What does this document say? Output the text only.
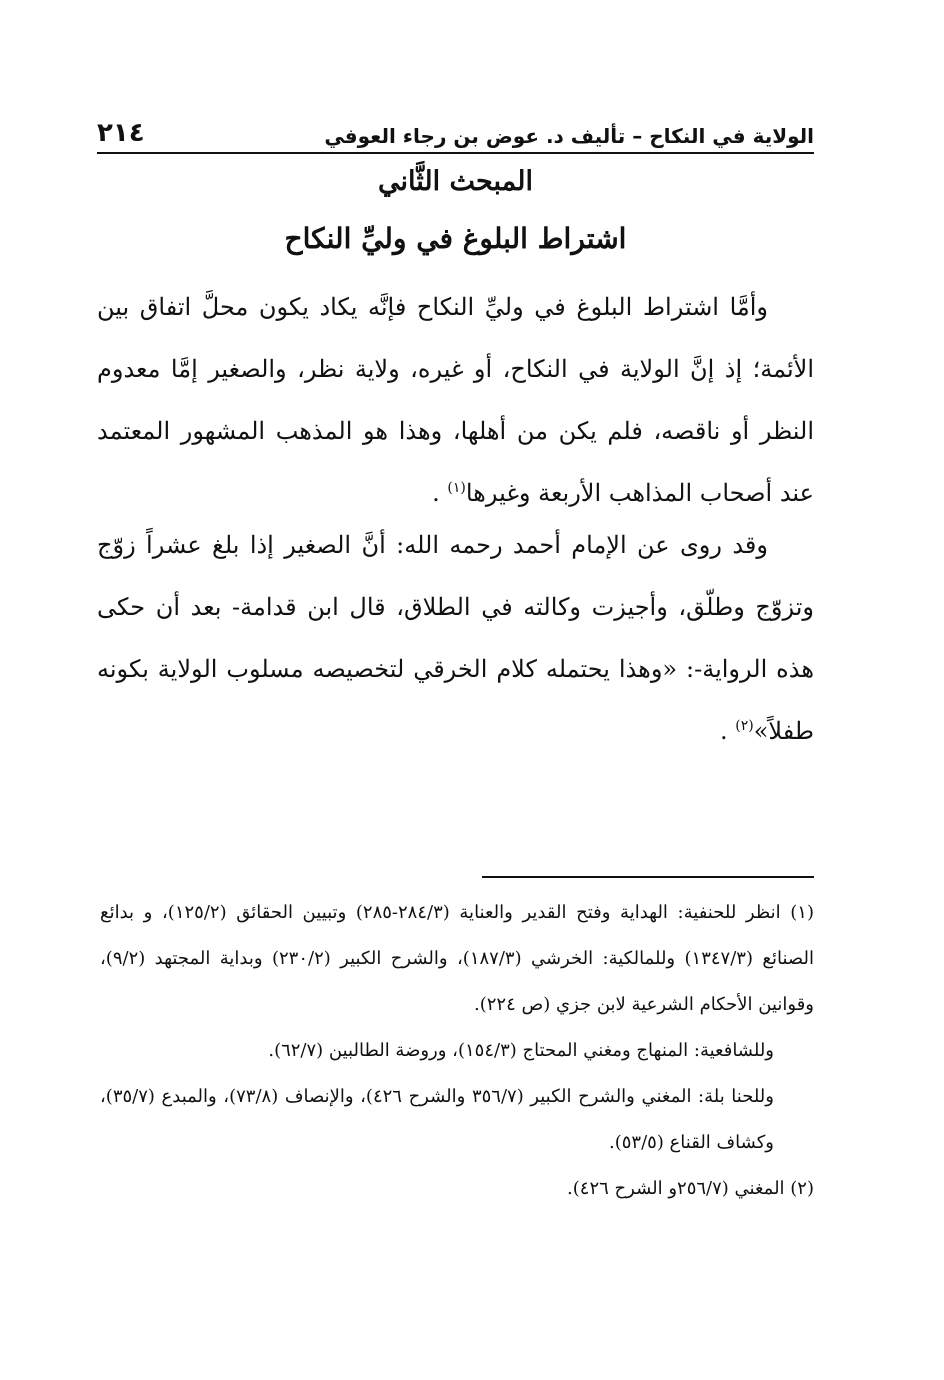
الولاية في النكاح – تأليف د. عوض بن رجاء العوفي
٢١٤
المبحث الثَّاني
اشتراط البلوغ في وليِّ النكاح
وأمَّا اشتراط البلوغ في وليِّ النكاح فإنَّه يكاد يكون محلَّ اتفاق بين الأئمة؛ إذ إنَّ الولاية في النكاح، أو غيره، ولاية نظر، والصغير إمَّا معدوم النظر أو ناقصه، فلم يكن من أهلها، وهذا هو المذهب المشهور المعتمد عند أصحاب المذاهب الأربعة وغيرها$^{(١)}$ .
وقد روى عن الإمام أحمد رحمه الله: أنَّ الصغير إذا بلغ عشراً زوّج وتزوّج وطلّق، وأجيزت وكالته في الطلاق، قال ابن قدامة- بعد أن حكى هذه الرواية-: «وهذا يحتمله كلام الخرقي لتخصيصه مسلوب الولاية بكونه طفلاً»$^{(٢)}$ .
(١) انظر للحنفية: الهداية وفتح القدير والعناية (٢٨٤/٣-٢٨٥) وتبيين الحقائق (١٢٥/٢)، و بدائع الصنائع (١٣٤٧/٣) وللمالكية: الخرشي (١٨٧/٣)، والشرح الكبير (٢٣٠/٢) وبداية المجتهد (٩/٢)، وقوانين الأحكام الشرعية لابن جزي (ص ٢٢٤).
وللشافعية: المنهاج ومغني المحتاج (١٥٤/٣)، وروضة الطالبين (٦٢/٧).
وللحنا بلة: المغني والشرح الكبير (٣٥٦/٧ والشرح ٤٢٦)، والإنصاف (٧٣/٨)، والمبدع (٣٥/٧)، وكشاف القناع (٥٣/٥).
(٢) المغني (٢٥٦/٧و الشرح ٤٢٦).
